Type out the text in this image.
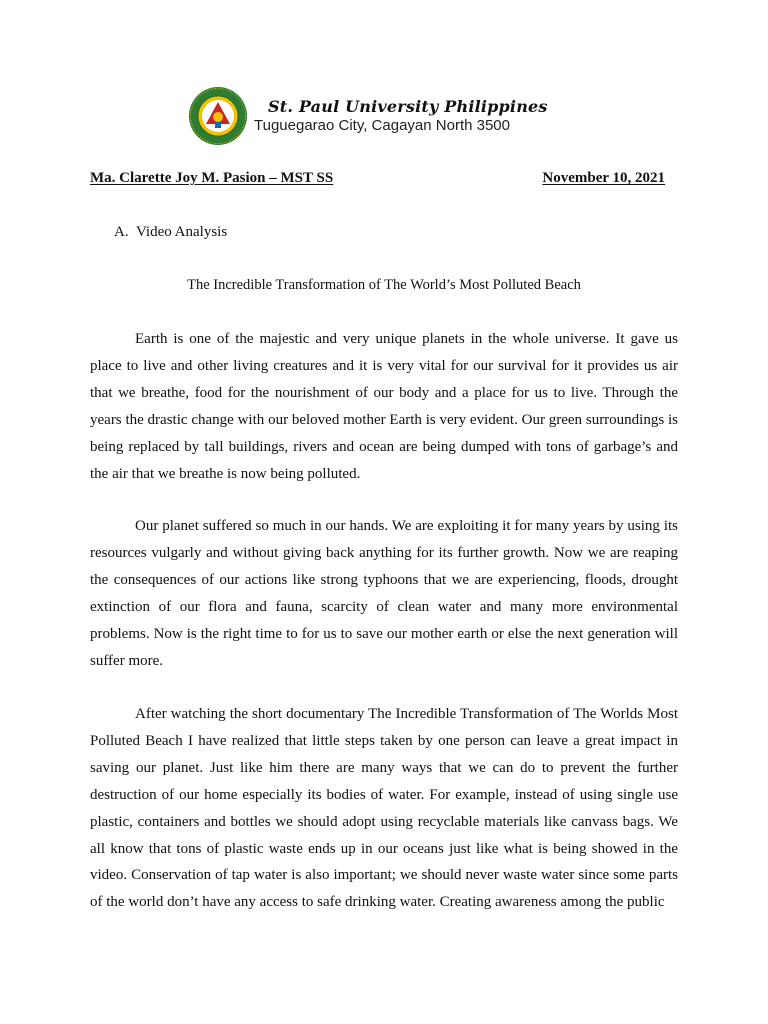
St. Paul University Philippines
Tuguegarao City, Cagayan North 3500
Ma. Clarette Joy M. Pasion – MST SS	November 10, 2021
A. Video Analysis
The Incredible Transformation of The World’s Most Polluted Beach

Earth is one of the majestic and very unique planets in the whole universe. It gave us place to live and other living creatures and it is very vital for our survival for it provides us air that we breathe, food for the nourishment of our body and a place for us to live. Through the years the drastic change with our beloved mother Earth is very evident. Our green surroundings is being replaced by tall buildings, rivers and ocean are being dumped with tons of garbage’s and the air that we breathe is now being polluted.

Our planet suffered so much in our hands. We are exploiting it for many years by using its resources vulgarly and without giving back anything for its further growth. Now we are reaping the consequences of our actions like strong typhoons that we are experiencing, floods, drought extinction of our flora and fauna, scarcity of clean water and many more environmental problems. Now is the right time to for us to save our mother earth or else the next generation will suffer more.

After watching the short documentary The Incredible Transformation of The Worlds Most Polluted Beach I have realized that little steps taken by one person can leave a great impact in saving our planet. Just like him there are many ways that we can do to prevent the further destruction of our home especially its bodies of water. For example, instead of using single use plastic, containers and bottles we should adopt using recyclable materials like canvass bags. We all know that tons of plastic waste ends up in our oceans just like what is being showed in the video. Conservation of tap water is also important; we should never waste water since some parts of the world don’t have any access to safe drinking water. Creating awareness among the public
